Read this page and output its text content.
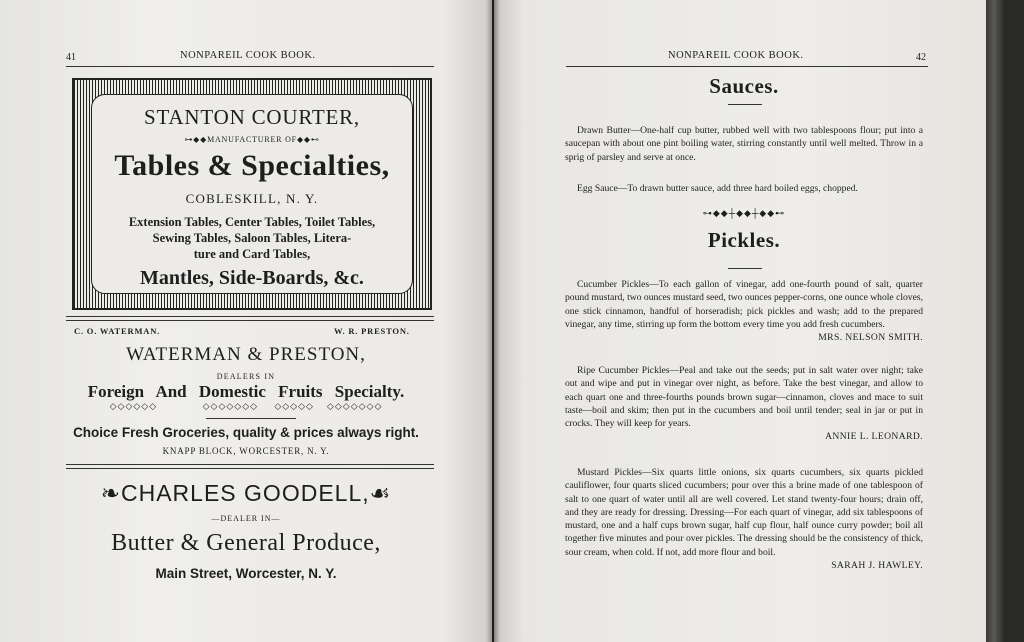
41	NONPAREIL COOK BOOK.
STANTON COURTER,
⊶◆◆MANUFACTURER OF◆◆⊷
Tables & Specialties,
COBLESKILL, N. Y.
Extension Tables, Center Tables, Toilet Tables,
Sewing Tables, Saloon Tables, Litera-
ture and Card Tables,
Mantles, Side-Boards, &c.
C. O. WATERMAN.	W. R. PRESTON.
WATERMAN & PRESTON,
DEALERS IN
Foreign And Domestic Fruits Specialty.
◇◇◇◇◇◇              ◇◇◇◇◇◇◇     ◇◇◇◇◇    ◇◇◇◇◇◇◇
Choice Fresh Groceries, quality & prices always right.
KNAPP BLOCK, WORCESTER, N. Y.
❧CHARLES GOODELL,☙
—DEALER IN—
Butter & General Produce,
Main Street, Worcester, N. Y.
NONPAREIL COOK BOOK.	42
Sauces.

Drawn Butter—One-half cup butter, rubbed well with two tablespoons flour; put into a saucepan with about one pint boiling water, stirring constantly until well melted. Throw in a sprig of parsley and serve at once.

Egg Sauce—To drawn butter sauce, add three hard boiled eggs, chopped.

⊶◆◆┼◆◆┼◆◆⊷
Pickles.

Cucumber Pickles—To each gallon of vinegar, add one-fourth pound of salt, quarter pound mustard, two ounces mustard seed, two ounces pepper-corns, one ounce whole cloves, one stick cinnamon, handful of horseradish; pick pickles and wash; add to the prepared vinegar, any time, stirring up form the bottom every time you add fresh cucumbers.

MRS. NELSON SMITH.

Ripe Cucumber Pickles—Peal and take out the seeds; put in salt water over night; take out and wipe and put in vinegar over night, as before. Take the best vinegar, and allow to each quart one and three-fourths pounds brown sugar—cinnamon, cloves and mace to suit taste—boil and skim; then put in the cucumbers and boil until tender; seal in jar or put in crocks. They will keep for years.

ANNIE L. LEONARD.

Mustard Pickles—Six quarts little onions, six quarts cucumbers, six quarts pickled cauliflower, four quarts sliced cucumbers; pour over this a brine made of one tablespoon of salt to one quart of water until all are well covered. Let stand twenty-four hours; drain off, and they are ready for dressing. Dressing—For each quart of vinegar, add six tablespoons of mustard, one and a half cups brown sugar, half cup flour, half ounce curry powder; boil all together five minutes and pour over pickles. The dressing should be the consistency of thick, sour cream, when cold. If not, add more flour and boil.

SARAH J. HAWLEY.
